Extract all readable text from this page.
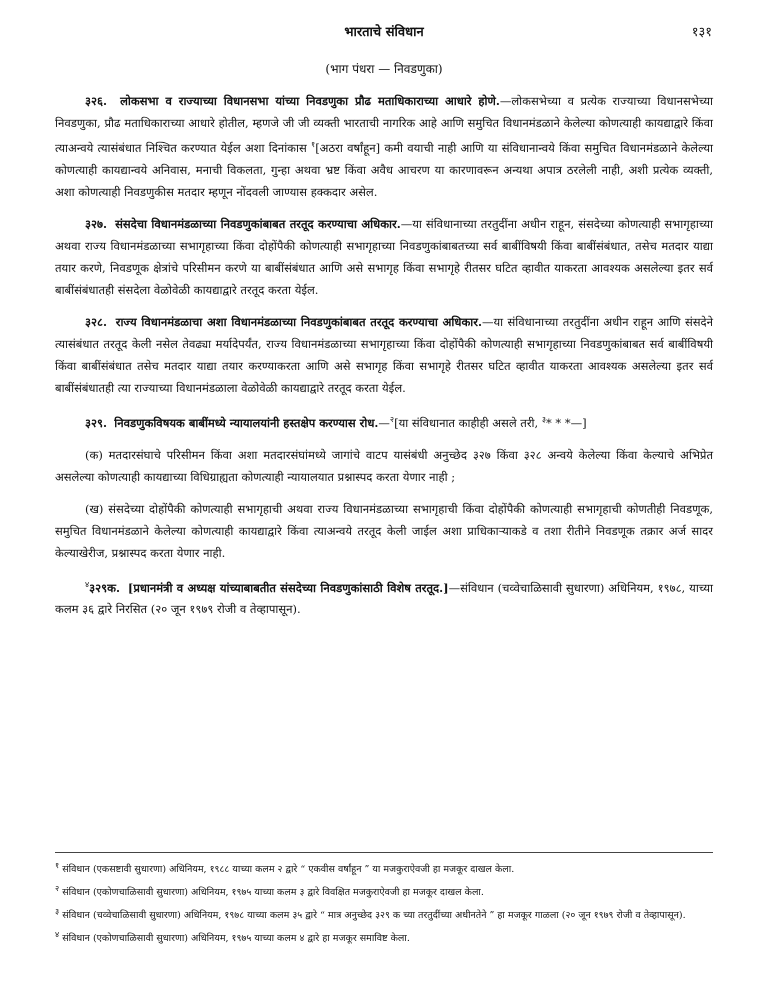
भारताचे संविधान	१३१
(भाग पंधरा — निवडणुका)

३२६. लोकसभा व राज्याच्या विधानसभा यांच्या निवडणुका प्रौढ मताधिकाराच्या आधारे होणे.—लोकसभेच्या व प्रत्येक राज्याच्या विधानसभेच्या निवडणुका, प्रौढ मताधिकाराच्या आधारे होतील, म्हणजे जी जी व्यक्ती भारताची नागरिक आहे आणि समुचित विधानमंडळाने केलेल्या कोणत्याही कायद्याद्वारे किंवा त्याअन्वये त्यासंबंधात निश्चित करण्यात येईल अशा दिनांकास $^१$[अठरा वर्षांहून] कमी वयाची नाही आणि या संविधानान्वये किंवा समुचित विधानमंडळाने केलेल्या कोणत्याही कायद्यान्वये अनिवास, मनाची विकलता, गुन्हा अथवा भ्रष्ट किंवा अवैध आचरण या कारणावरून अन्यथा अपात्र ठरलेली नाही, अशी प्रत्येक व्यक्ती, अशा कोणत्याही निवडणुकीस मतदार म्हणून नोंदवली जाण्यास हक्कदार असेल.

३२७. संसदेचा विधानमंडळाच्या निवडणुकांबाबत तरतूद करण्याचा अधिकार.—या संविधानाच्या तरतुदींना अधीन राहून, संसदेच्या कोणत्याही सभागृहाच्या अथवा राज्य विधानमंडळाच्या सभागृहाच्या किंवा दोहोंपैकी कोणत्याही सभागृहाच्या निवडणुकांबाबतच्या सर्व बाबींविषयी किंवा बाबींसंबंधात, तसेच मतदार याद्या तयार करणे, निवडणूक क्षेत्रांचे परिसीमन करणे या बाबींसंबंधात आणि असे सभागृह किंवा सभागृहे रीतसर घटित व्हावीत याकरता आवश्यक असलेल्या इतर सर्व बाबींसंबंधातही संसदेला वेळोवेळी कायद्याद्वारे तरतूद करता येईल.

३२८. राज्य विधानमंडळाचा अशा विधानमंडळाच्या निवडणुकांबाबत तरतूद करण्याचा अधिकार.—या संविधानाच्या तरतुदींना अधीन राहून आणि संसदेने त्यासंबंधात तरतूद केली नसेल तेवढ्या मर्यादेपर्यंत, राज्य विधानमंडळाच्या सभागृहाच्या किंवा दोहोंपैकी कोणत्याही सभागृहाच्या निवडणुकांबाबत सर्व बाबींविषयी किंवा बाबींसंबंधात तसेच मतदार याद्या तयार करण्याकरता आणि असे सभागृह किंवा सभागृहे रीतसर घटित व्हावीत याकरता आवश्यक असलेल्या इतर सर्व बाबींसंबंधातही त्या राज्याच्या विधानमंडळाला वेळोवेळी कायद्याद्वारे तरतूद करता येईल.

३२९. निवडणुकविषयक बाबींमध्ये न्यायालयांनी हस्तक्षेप करण्यास रोध.—$^२$[या संविधानात काहीही असले तरी, $^३$* * *—]

(क) मतदारसंघाचे परिसीमन किंवा अशा मतदारसंघांमध्ये जागांचे वाटप यासंबंधी अनुच्छेद ३२७ किंवा ३२८ अन्वये केलेल्या किंवा केल्याचे अभिप्रेत असलेल्या कोणत्याही कायद्याच्या विधिग्राह्यता कोणत्याही न्यायालयात प्रश्नास्पद करता येणार नाही ;

(ख) संसदेच्या दोहोंपैकी कोणत्याही सभागृहाची अथवा राज्य विधानमंडळाच्या सभागृहाची किंवा दोहोंपैकी कोणत्याही सभागृहाची कोणतीही निवडणूक, समुचित विधानमंडळाने केलेल्या कोणत्याही कायद्याद्वारे किंवा त्याअन्वये तरतूद केली जाईल अशा प्राधिकाऱ्याकडे व तशा रीतीने निवडणूक तक्रार अर्ज सादर केल्याखेरीज, प्रश्नास्पद करता येणार नाही.

$^४$३२९क. [प्रधानमंत्री व अध्यक्ष यांच्याबाबतीत संसदेच्या निवडणुकांसाठी विशेष तरतूद.]—संविधान (चव्वेचाळिसावी सुधारणा) अधिनियम, १९७८, याच्या कलम ३६ द्वारे निरसित (२० जून १९७९ रोजी व तेव्हापासून).

$^१$ संविधान (एकसष्टावी सुधारणा) अधिनियम, १९८८ याच्या कलम २ द्वारे “ एकवीस वर्षांहून ” या मजकुराऐवजी हा मजकूर दाखल केला.

$^२$ संविधान (एकोणचाळिसावी सुधारणा) अधिनियम, १९७५ याच्या कलम ३ द्वारे विवक्षित मजकुराऐवजी हा मजकूर दाखल केला.

$^३$ संविधान (चव्वेचाळिसावी सुधारणा) अधिनियम, १९७८ याच्या कलम ३५ द्वारे “ मात्र अनुच्छेद ३२९ क च्या तरतुदींच्या अधीनतेने ” हा मजकूर गाळला (२० जून १९७९ रोजी व तेव्हापासून).

$^४$ संविधान (एकोणचाळिसावी सुधारणा) अधिनियम, १९७५ याच्या कलम ४ द्वारे हा मजकूर समाविष्ट केला.
